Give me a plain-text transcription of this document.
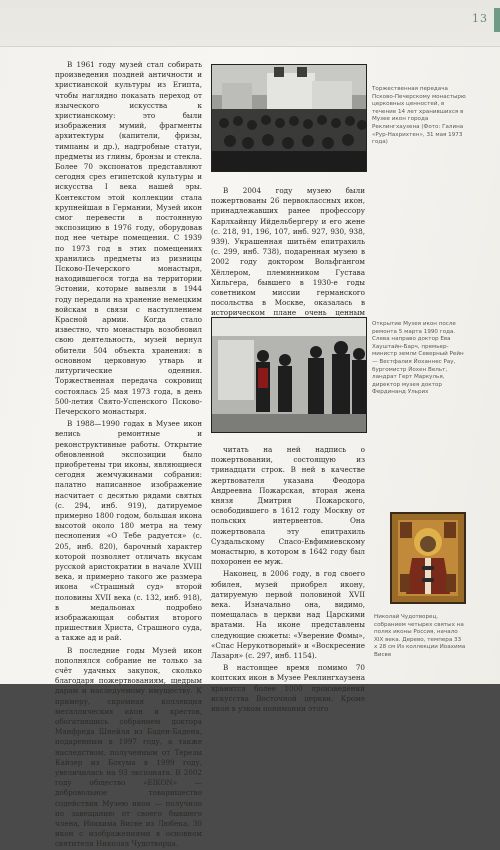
13

В 1961 году музей стал собирать произведения поздней античности и христианской культуры из Египта, чтобы наглядно показать переход от языческого искусства к христианскому: это были изображения мумий, фрагменты архитектуры (капители, фризы, тимпаны и др.), надгробные статуи, предметы из глины, бронзы и стекла. Более 70 экспонатов представляют сегодня срез египетской культуры и искусства I века нашей эры. Контекстом этой коллекции стала крупнейшая в Германии, Музей икон смог перевести в постоянную экспозицию в 1976 году, оборудовав под нее четыре помещения. С 1939 по 1973 год в этих помещениях хранились предметы из ризницы Псково-Печерского монастыря, находившегося тогда на территории Эстонии, которые вывезли в 1944 году передали на хранение немецким войскам в связи с наступлением Красной армии. Когда стало известно, что монастырь возобновил свою деятельность, музей вернул обители 504 объекта хранения: в основном церковную утварь и литургические одеяния. Торжественная передача сокровищ состоялась 25 мая 1973 года, в день 500-летия Свято-Успенского Псково-Печерского монастыря.

В 1988—1990 годах в Музее икон велись ремонтные и реконструктивные работы. Открытие обновленной экспозиции было приобретены три иконы, являющиеся сегодня жемчужинами собрания: палатно написанное изображение насчитает с десятью рядами святых (с. 294, инб. 919), датируемое примерно 1800 годом, большая икона высотой около 180 метра на тему песнопения «О Тебе радуется» (с. 205, инб. 820), барочный характер которой позволяет отличать вкусам русской аристократии в начале XVIII века, и примерно такого же размера икона «Страшный суд» второй половины XVII века (с. 132, инб. 918), в медальонах подробно изображающая события второго пришествия Христа, Страшного суда, а также ад и рай.

В последние годы Музей икон пополнялся собрание не только за счёт удачных закупок, сколько благодаря пожертвованиям, щедрым дарам и наследуемому имуществу. К примеру, скромная коллекция металлических икон и крестов, обогатившись собранием доктора Манфреда Шнейля из Баден-Бадена, подаренным в 1997 году, а также наследством, полученным от Терезы Кайзер из Бохума в 1999 году, увеличилась на 93 экспоната. В 2002 году общество «EIKON» — добровольное товарищество содействия Музею икон — получило по завещанию от своего бывшего члена, Иоахима Висве из Любека, 30 икон с изображениями в основном святителя Николая Чудотворца.

В 2004 году музею были пожертвованы 26 первоклассных икон, принадлежавших ранее профессору Карлхайнцу Ийдельбергеру и его жене (с. 218, 91, 196, 107, инб. 927, 930, 938, 939). Украшенная шитьём епитрахиль (с. 299, инб. 738), подаренная музею в 2002 году доктором Вольфгангом Хёллером, племянником Густава Хильгера, бывшего в 1930-е годы советником миссии германского посольства в Москве, оказалась в историческом плане очень ценным

читать на ней надпись о пожертвовании, состоящую из тринадцати строк. В ней в качестве жертвователя указана Феодора Андреевна Пожарская, вторая жена князя Дмитрия Пожарского, освободившего в 1612 году Москву от польских интервентов. Она пожертвовала эту епитрахиль Суздальскому Спасо-Евфимиевскому монастырю, в котором в 1642 году был похоронен ее муж.

Наконец, в 2006 году, в год своего юбилея, музей приобрел икону, датируемую первой половиной XVII века. Изначально она, видимо, помещалась в церкви над Царскими вратами. На иконе представлены следующие сюжеты: «Уверение Фомы», «Спас Нерукотворный» и «Воскресение Лазаря» (с. 297, инб. 1154).

В настоящее время помимо 70 коптских икон в Музее Реклингхаузена хранятся более 1000 произведений искусства Восточной церкви. Кроме икон в узком понимании этого

Торжественная передача Псково-Печерскому монастырю церковных ценностей, в течение 14 лет хранившихся в Музее икон города Реклингхаузена (Фото: Галина «Рур-Нахрихтен», 31 мая 1973 года)
Открытие Музея икон после ремонта 5 марта 1990 года. Слева направо доктор Ева Хауштайн-Барч, премьер-министр земли Северный Рейн — Вестфалия Йоханнес Рау, бургомистр Йохен Вельт, ландрат Герт Маркулья, директор музея доктор Фердинанд Ульрих
Николай Чудотворец, собранием четырех святых на полях иконы Россия, начало XIX века. Дерево, темпера 33 x 28 см Из коллекции Иоахима Висве
